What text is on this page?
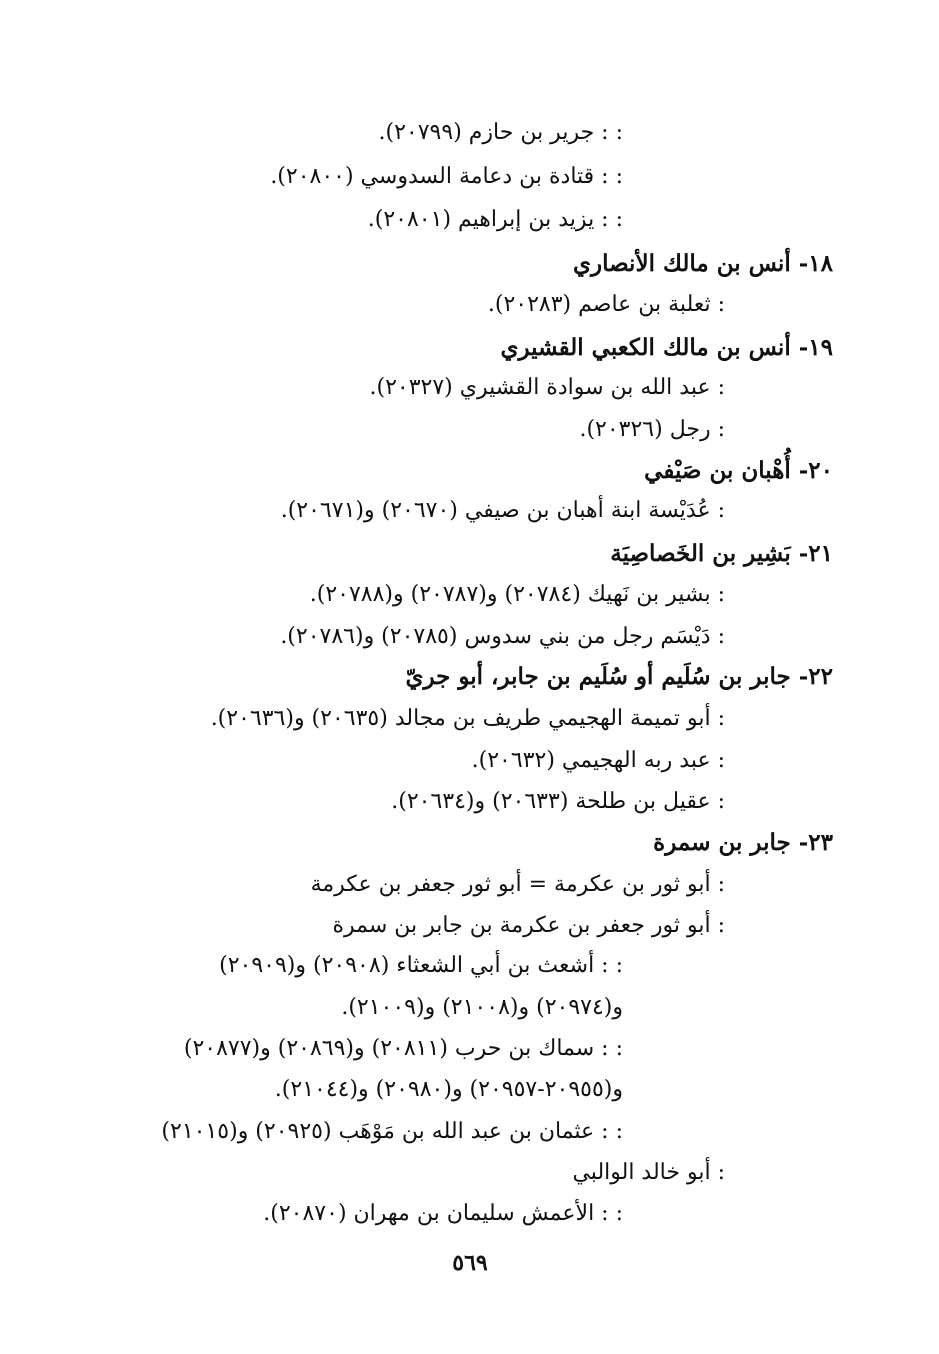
: : جرير بن حازم (٢٠٧٩٩).
: : قتادة بن دعامة السدوسي (٢٠٨٠٠).
: : يزيد بن إبراهيم (٢٠٨٠١).
١٨- أنس بن مالك الأنصاري
: ثعلبة بن عاصم (٢٠٢٨٣).
١٩- أنس بن مالك الكعبي القشيري
: عبد الله بن سوادة القشيري (٢٠٣٢٧).
: رجل (٢٠٣٢٦).
٢٠- أُهْبان بن صَيْفي
: عُدَيْسة ابنة أهبان بن صيفي (٢٠٦٧٠) و(٢٠٦٧١).
٢١- بَشِير بن الخَصاصِيَة
: بشير بن نَهيك (٢٠٧٨٤) و(٢٠٧٨٧) و(٢٠٧٨٨).
: دَيْسَم رجل من بني سدوس (٢٠٧٨٥) و(٢٠٧٨٦).
٢٢- جابر بن سُلَيم أو سُلَيم بن جابر، أبو جريّ
: أبو تميمة الهجيمي طريف بن مجالد (٢٠٦٣٥) و(٢٠٦٣٦).
: عبد ربه الهجيمي (٢٠٦٣٢).
: عقيل بن طلحة (٢٠٦٣٣) و(٢٠٦٣٤).
٢٣- جابر بن سمرة
: أبو ثور بن عكرمة = أبو ثور جعفر بن عكرمة
: أبو ثور جعفر بن عكرمة بن جابر بن سمرة
: : أشعث بن أبي الشعثاء (٢٠٩٠٨) و(٢٠٩٠٩)
و(٢٠٩٧٤) و(٢١٠٠٨) و(٢١٠٠٩).
: : سماك بن حرب (٢٠٨١١) و(٢٠٨٦٩) و(٢٠٨٧٧)
و(٢٠٩٥٥-٢٠٩٥٧) و(٢٠٩٨٠) و(٢١٠٤٤).
: : عثمان بن عبد الله بن مَوْهَب (٢٠٩٢٥) و(٢١٠١٥)
: أبو خالد الوالبي
: : الأعمش سليمان بن مهران (٢٠٨٧٠).
٥٦٩
